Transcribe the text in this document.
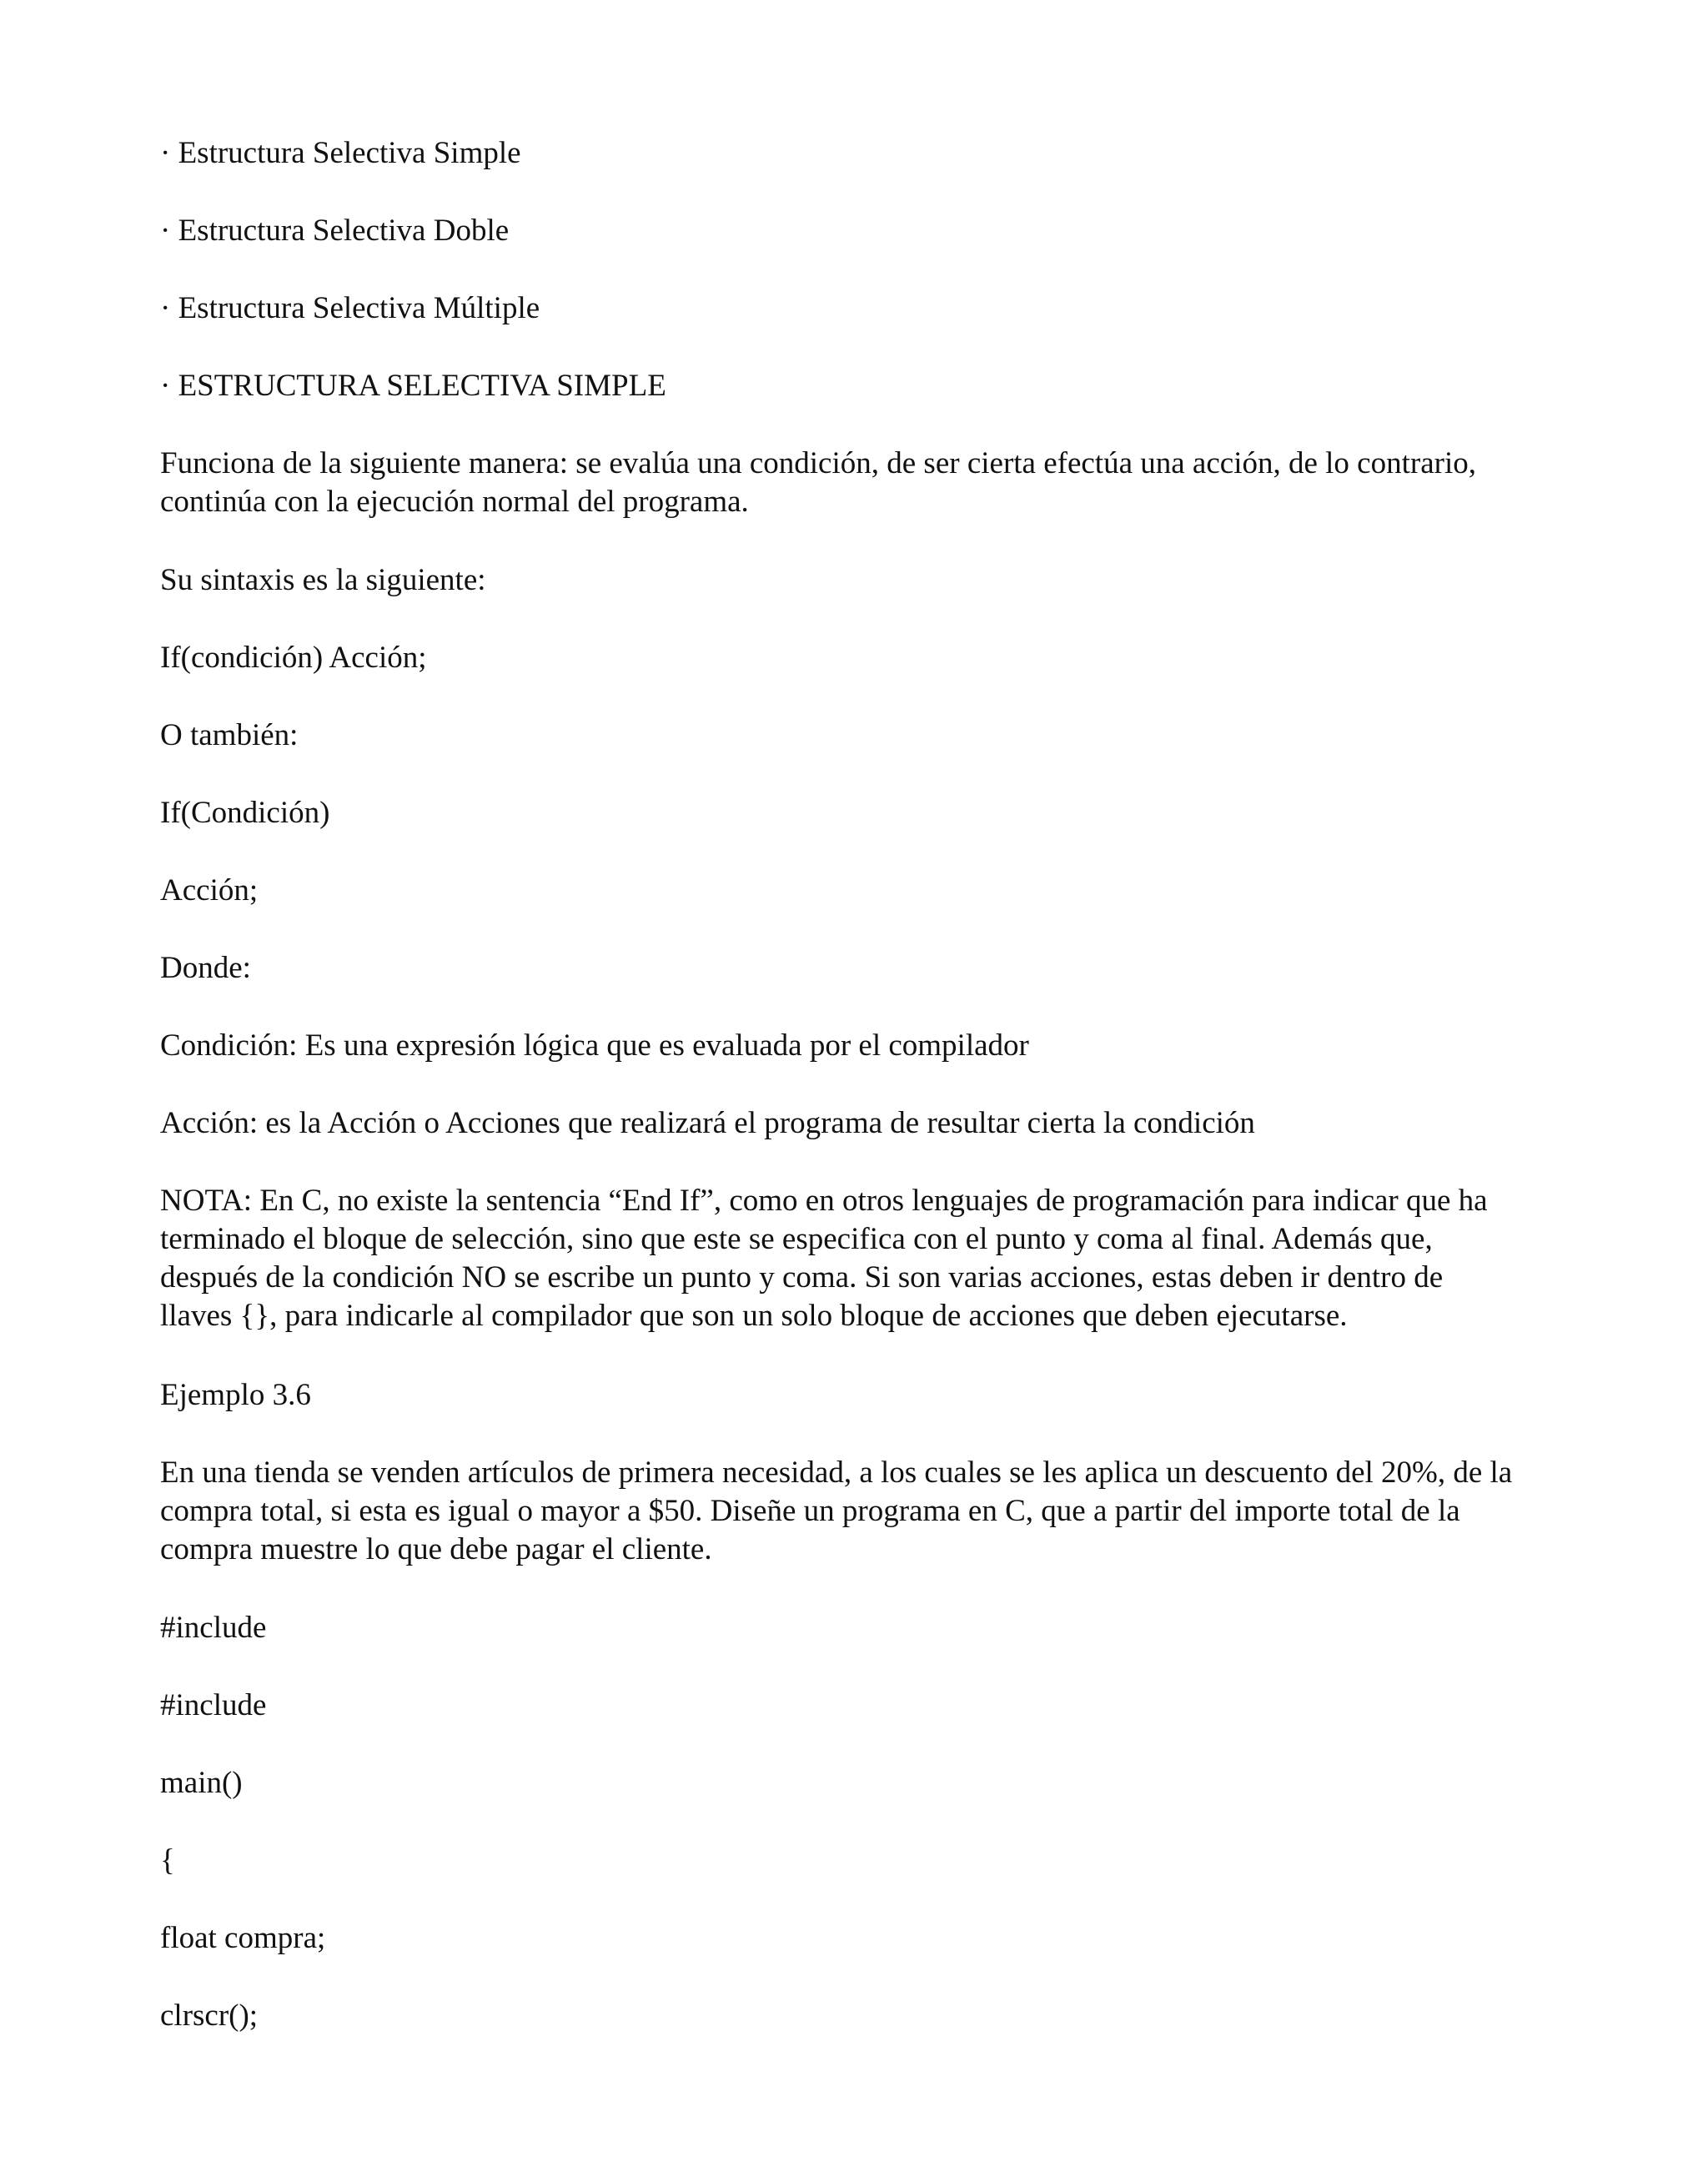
· Estructura Selectiva Simple

· Estructura Selectiva Doble

· Estructura Selectiva Múltiple

· ESTRUCTURA SELECTIVA SIMPLE

Funciona de la siguiente manera: se evalúa una condición, de ser cierta efectúa una acción, de lo contrario,
continúa con la ejecución normal del programa.

Su sintaxis es la siguiente:

If(condición) Acción;

O también:

If(Condición)

Acción;

Donde:

Condición: Es una expresión lógica que es evaluada por el compilador

Acción: es la Acción o Acciones que realizará el programa de resultar cierta la condición

NOTA: En C, no existe la sentencia “End If”, como en otros lenguajes de programación para indicar que ha
terminado el bloque de selección, sino que este se especifica con el punto y coma al final. Además que,
después de la condición NO se escribe un punto y coma. Si son varias acciones, estas deben ir dentro de
llaves {}, para indicarle al compilador que son un solo bloque de acciones que deben ejecutarse.

Ejemplo 3.6

En una tienda se venden artículos de primera necesidad, a los cuales se les aplica un descuento del 20%, de la
compra total, si esta es igual o mayor a $50. Diseñe un programa en C, que a partir del importe total de la
compra muestre lo que debe pagar el cliente.

#include

#include

main()

{

float compra;

clrscr();
